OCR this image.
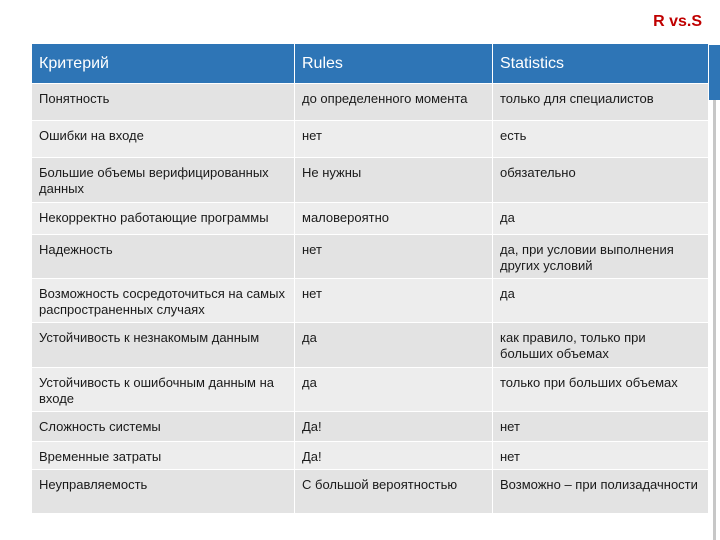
R vs.S
Критерий	Rules	Statistics
Понятность	до определенного момента	только для специалистов
Ошибки на входе	нет	есть
Большие объемы верифицированных данных	Не нужны	обязательно
Некорректно работающие программы	маловероятно	да
Надежность	нет	да, при условии выполнения других условий
Возможность сосредоточиться на самых распространенных случаях	нет	да
Устойчивость к незнакомым данным	да	как правило, только при больших объемах
Устойчивость к ошибочным данным на входе	да	только при больших объемах
Сложность системы	Да!	нет
Временные затраты	Да!	нет
Неуправляемость	С большой вероятностью	Возможно – при полизадачности
